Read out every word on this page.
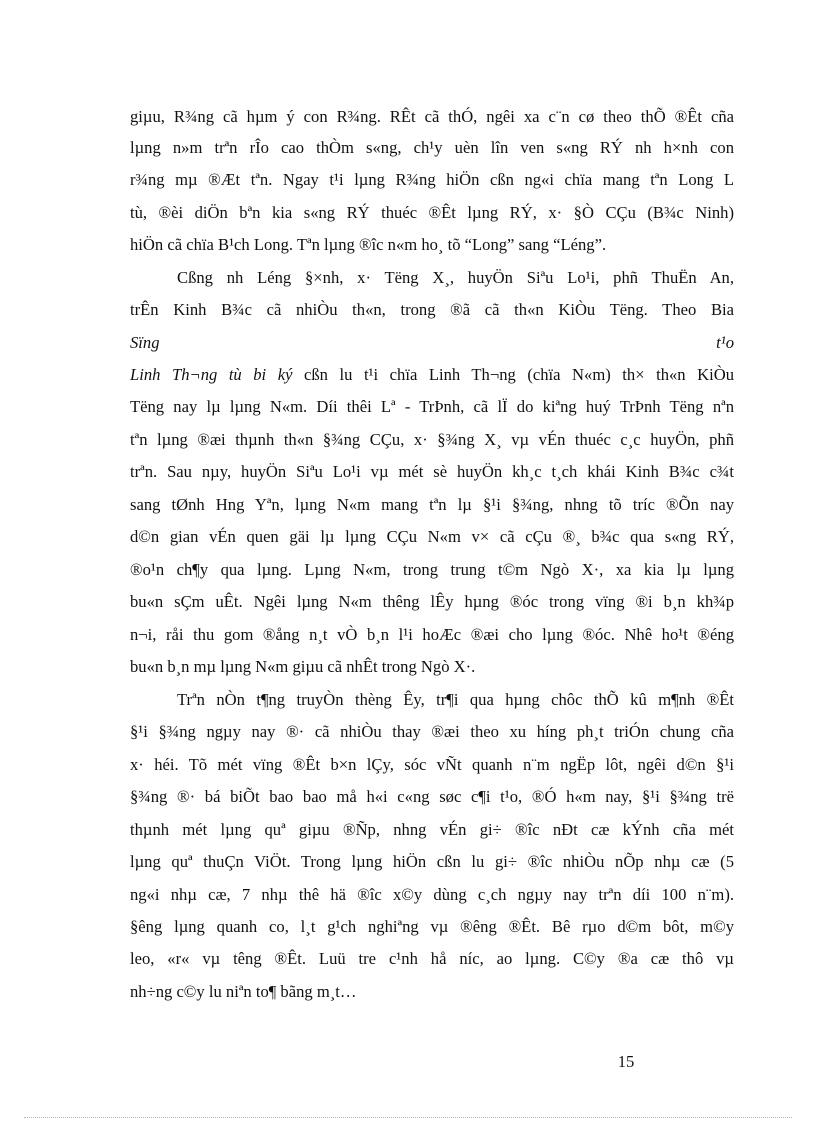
giµu, R¾ng cã hµm ý con R¾ng. RÊt cã thÓ, ngêi xa c¨n cø theo thÕ ®Êt cña
lµng n»m trªn rÎo cao thÒm s«ng, ch¹y uèn lîn ven s«ng RÝ nh h×nh con
r¾ng mµ ®Æt tªn. Ngay t¹i lµng R¾ng hiÖn cßn ng«i chïa mang tªn Long L
tù, ®èi diÖn bªn kia s«ng RÝ thuéc ®Êt lµng RÝ, x· §Ò CÇu (B¾c Ninh)
hiÖn cã chïa B¹ch Long. Tªn lµng ®îc n«m ho¸ tõ “Long” sang “Léng”.
Cßng nh Léng §×nh, x· Tëng X¸, huyÖn Siªu Lo¹i, phñ ThuËn An,
trÊn Kinh B¾c cã nhiÒu th«n, trong ®ã cã th«n KiÒu Tëng. Theo Bia
Sïng t¹o
Linh Th¬ng tù bi ký cßn lu t¹i chïa Linh Th¬ng (chïa N«m) th× th«n KiÒu
Tëng nay lµ lµng N«m. Díi thêi Lª - TrÞnh, cã lÏ do kiªng huý TrÞnh Tëng nªn
tªn lµng ®æi thµnh th«n §¾ng CÇu, x· §¾ng X¸ vµ vÉn thuéc c¸c huyÖn, phñ
trªn. Sau nµy, huyÖn Siªu Lo¹i vµ mét sè huyÖn kh¸c t¸ch khái Kinh B¾c c¾t
sang tØnh Hng Yªn, lµng N«m mang tªn lµ §¹i §¾ng, nhng tõ tríc ®Õn nay
d©n gian vÉn quen gäi lµ lµng CÇu N«m v× cã cÇu ®¸ b¾c qua s«ng RÝ,
®o¹n ch¶y qua lµng. Lµng N«m, trong trung t©m Ngò X·, xa kia lµ lµng
bu«n sÇm uÊt. Ngêi lµng N«m thêng lÊy hµng ®óc trong vïng ®i b¸n kh¾p
n¬i, råi thu gom ®ång n¸t vÒ b¸n l¹i hoÆc ®æi cho lµng ®óc. Nhê ho¹t ®éng
bu«n b¸n mµ lµng N«m giµu cã nhÊt trong Ngò X·.
Trªn nÒn t¶ng truyÒn thèng Êy, tr¶i qua hµng chôc thÕ kû m¶nh ®Êt
§¹i §¾ng ngµy nay ®· cã nhiÒu thay ®æi theo xu híng ph¸t triÓn chung cña
x· héi. Tõ mét vïng ®Êt b×n lÇy, sóc vÑt quanh n¨m ngËp lôt, ngêi d©n §¹i
§¾ng ®· bá biÕt bao bao må h«i c«ng søc c¶i t¹o, ®Ó h«m nay, §¹i §¾ng trë
thµnh mét lµng quª giµu ®Ñp, nhng vÉn gi÷ ®îc nÐt cæ kÝnh cña mét
lµng quª thuÇn ViÖt. Trong lµng hiÖn cßn lu gi÷ ®îc nhiÒu nÕp nhµ cæ (5
ng«i nhµ cæ, 7 nhµ thê hä ®îc x©y dùng c¸ch ngµy nay trªn díi 100 n¨m).
§êng lµng quanh co, l¸t g¹ch nghiªng vµ ®êng ®Êt. Bê rµo d©m bôt, m©y
leo, «r« vµ têng ®Êt. Luü tre c¹nh hå níc, ao lµng. C©y ®a cæ thô vµ
nh÷ng c©y lu niªn to¶ bãng m¸t…
15
